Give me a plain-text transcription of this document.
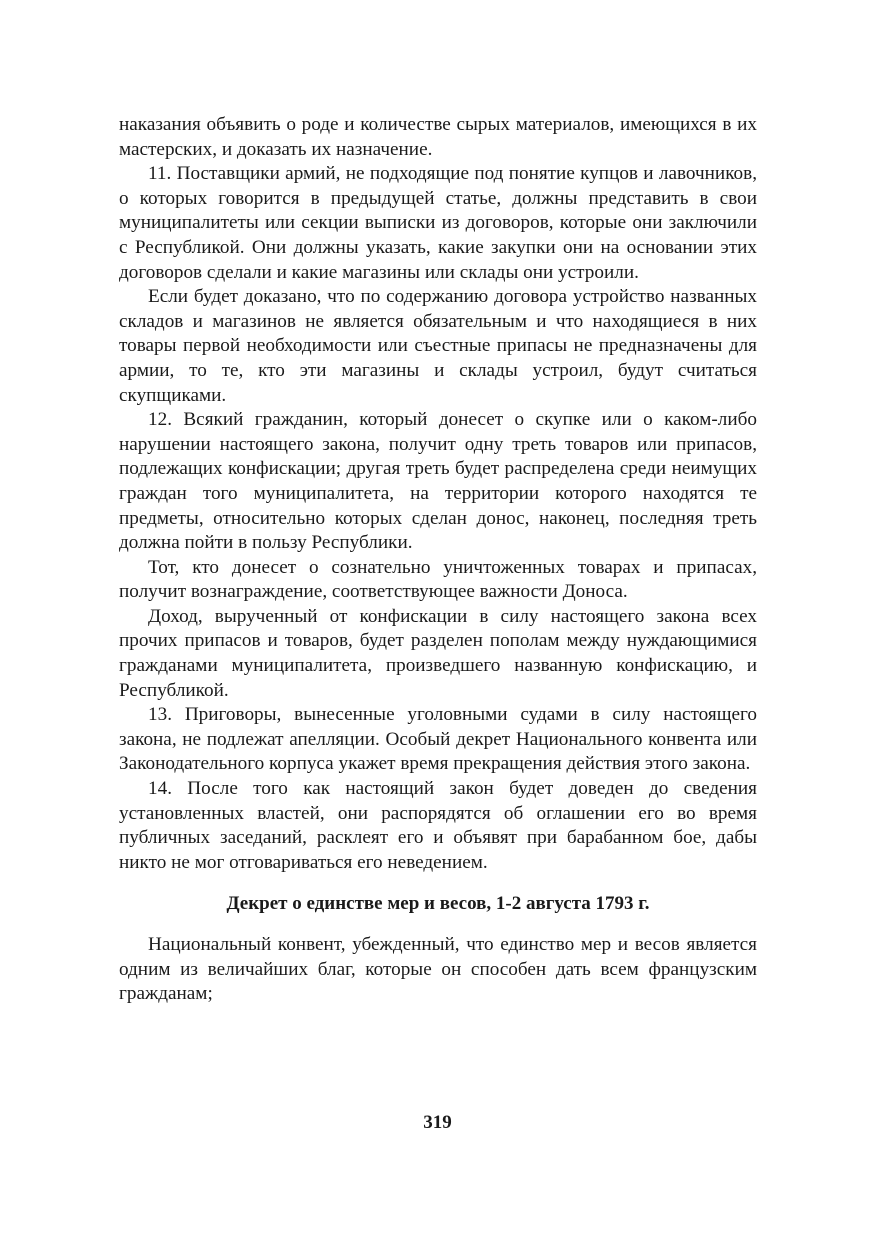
наказания объявить о роде и количестве сырых материалов, имеющихся в их мастерских, и доказать их назначение.

11. Поставщики армий, не подходящие под понятие купцов и лавочников, о которых говорится в предыдущей статье, должны представить в свои муниципалитеты или секции выписки из договоров, которые они заключили с Республикой. Они должны указать, какие закупки они на основании этих договоров сделали и какие магазины или склады они устроили.

Если будет доказано, что по содержанию договора устройство названных складов и магазинов не является обязательным и что находящиеся в них товары первой необходимости или съестные припасы не предназначены для армии, то те, кто эти магазины и склады устроил, будут считаться скупщиками.

12. Всякий гражданин, который донесет о скупке или о каком-либо нарушении настоящего закона, получит одну треть товаров или припасов, подлежащих конфискации; другая треть будет распределена среди неимущих граждан того муниципалитета, на территории которого находятся те предметы, относительно которых сделан донос, наконец, последняя треть должна пойти в пользу Республики.

Тот, кто донесет о сознательно уничтоженных товарах и припасах, получит вознаграждение, соответствующее важности Доноса.

Доход, вырученный от конфискации в силу настоящего закона всех прочих припасов и товаров, будет разделен пополам между нуждающимися гражданами муниципалитета, произведшего названную конфискацию, и Республикой.

13. Приговоры, вынесенные уголовными судами в силу настоящего закона, не подлежат апелляции. Особый декрет Национального конвента или Законодательного корпуса укажет время прекращения действия этого закона.

14. После того как настоящий закон будет доведен до сведения установленных властей, они распорядятся об оглашении его во время публичных заседаний, расклеят его и объявят при барабанном бое, дабы никто не мог отговариваться его неведением.

Декрет о единстве мер и весов, 1-2 августа 1793 г.

Национальный конвент, убежденный, что единство мер и весов является одним из величайших благ, которые он способен дать всем французским гражданам;

319
